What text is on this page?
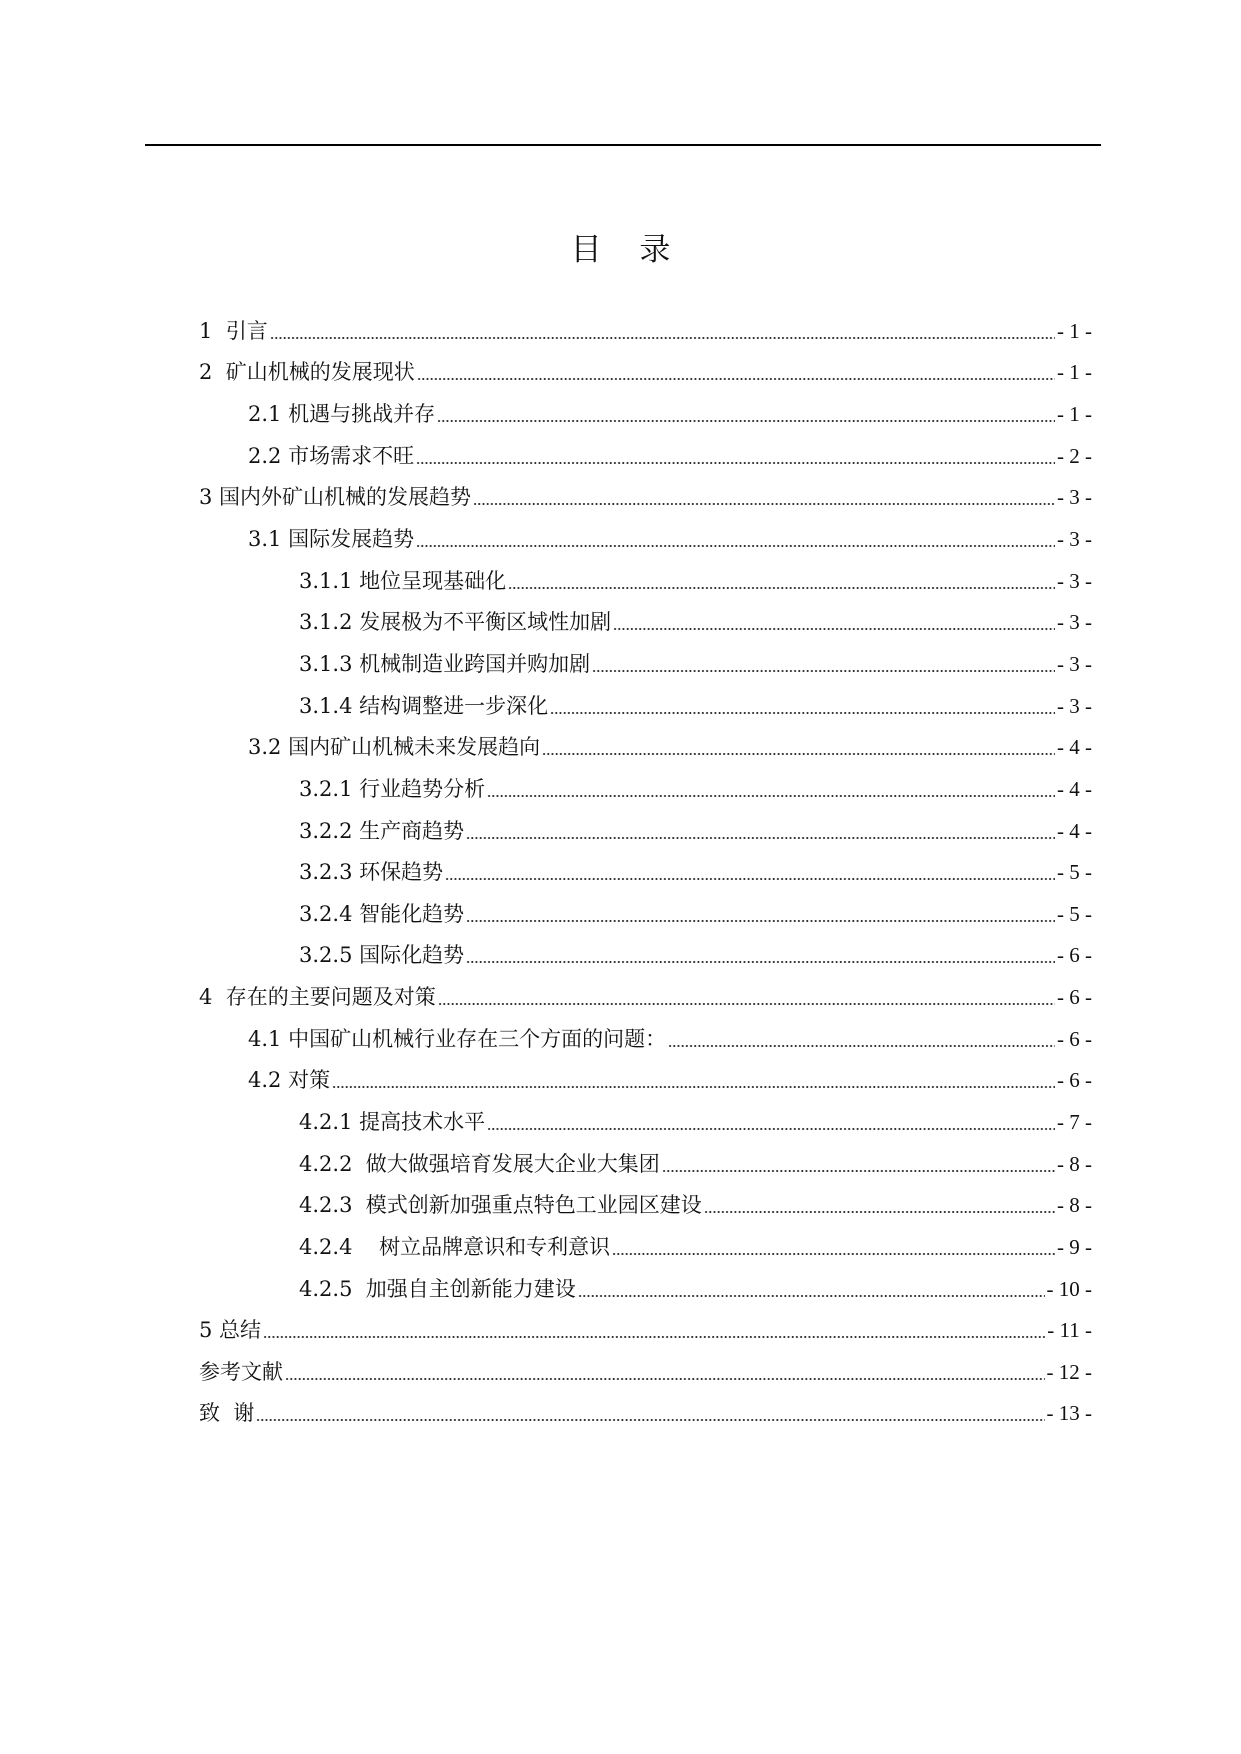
目 录
1  引言	- 1 -
2  矿山机械的发展现状	- 1 -
2.1 机遇与挑战并存	- 1 -
2.2 市场需求不旺	- 2 -
3 国内外矿山机械的发展趋势	- 3 -
3.1 国际发展趋势	- 3 -
3.1.1 地位呈现基础化	- 3 -
3.1.2 发展极为不平衡区域性加剧	- 3 -
3.1.3 机械制造业跨国并购加剧	- 3 -
3.1.4 结构调整进一步深化	- 3 -
3.2 国内矿山机械未来发展趋向	- 4 -
3.2.1 行业趋势分析	- 4 -
3.2.2 生产商趋势	- 4 -
3.2.3 环保趋势	- 5 -
3.2.4 智能化趋势	- 5 -
3.2.5 国际化趋势	- 6 -
4  存在的主要问题及对策	- 6 -
4.1 中国矿山机械行业存在三个方面的问题：	- 6 -
4.2 对策	- 6 -
4.2.1 提高技术水平	- 7 -
4.2.2  做大做强培育发展大企业大集团	- 8 -
4.2.3  模式创新加强重点特色工业园区建设	- 8 -
4.2.4    树立品牌意识和专利意识	- 9 -
4.2.5  加强自主创新能力建设	- 10 -
5 总结	- 11 -
参考文献	- 12 -
致  谢	- 13 -
